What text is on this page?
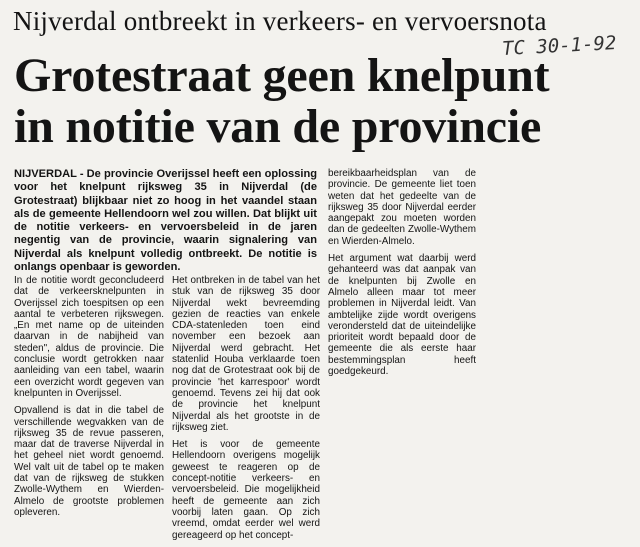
Nijverdal ontbreekt in verkeers- en vervoersnota
TC 30-1-92
Grotestraat geen knelpunt
in notitie van de provincie

NIJVERDAL - De provincie Overijssel heeft een oplossing voor het knelpunt rijksweg 35 in Nijverdal (de Grotestraat) blijkbaar niet zo hoog in het vaandel staan als de gemeente Hellendoorn wel zou willen. Dat blijkt uit de notitie verkeers- en vervoersbeleid in de jaren negentig van de provincie, waarin signalering van Nijverdal als knelpunt volledig ontbreekt. De notitie is onlangs openbaar is geworden.

In de notitie wordt geconcludeerd dat de verkeersknelpunten in Overijssel zich toespitsen op een aantal te verbeteren rijkswegen. „En met name op de uiteinden daarvan in de nabijheid van steden", aldus de provincie. Die conclusie wordt getrokken naar aanleiding van een tabel, waarin een overzicht wordt gegeven van knelpunten in Overijssel.

Opvallend is dat in die tabel de verschillende wegvakken van de rijksweg 35 de revue passeren, maar dat de traverse Nijverdal in het geheel niet wordt genoemd. Wel valt uit de tabel op te maken dat van de rijksweg de stukken Zwolle-Wythem en Wierden-Almelo de grootste problemen opleveren.

Het ontbreken in de tabel van het stuk van de rijksweg 35 door Nijverdal wekt bevreemding gezien de reacties van enkele CDA-statenleden toen eind november een bezoek aan Nijverdal werd gebracht. Het statenlid Houba verklaarde toen nog dat de Grotestraat ook bij de provincie 'het karrespoor' wordt genoemd. Tevens zei hij dat ook de provincie het knelpunt Nijverdal als het grootste in de rijksweg ziet.

Het is voor de gemeente Hellendoorn overigens mogelijk geweest te reageren op de concept-notitie verkeers- en vervoersbeleid. Die mogelijkheid heeft de gemeente aan zich voorbij laten gaan. Op zich vreemd, omdat eerder wel werd gereageerd op het concept-

bereikbaarheidsplan van de provincie. De gemeente liet toen weten dat het gedeelte van de rijksweg 35 door Nijverdal eerder aangepakt zou moeten worden dan de gedeelten Zwolle-Wythem en Wierden-Almelo.

Het argument wat daarbij werd gehanteerd was dat aanpak van de knelpunten bij Zwolle en Almelo alleen maar tot meer problemen in Nijverdal leidt. Van ambtelijke zijde wordt overigens verondersteld dat de uiteindelijke prioriteit wordt bepaald door de gemeente die als eerste haar bestemmingsplan heeft goedgekeurd.
